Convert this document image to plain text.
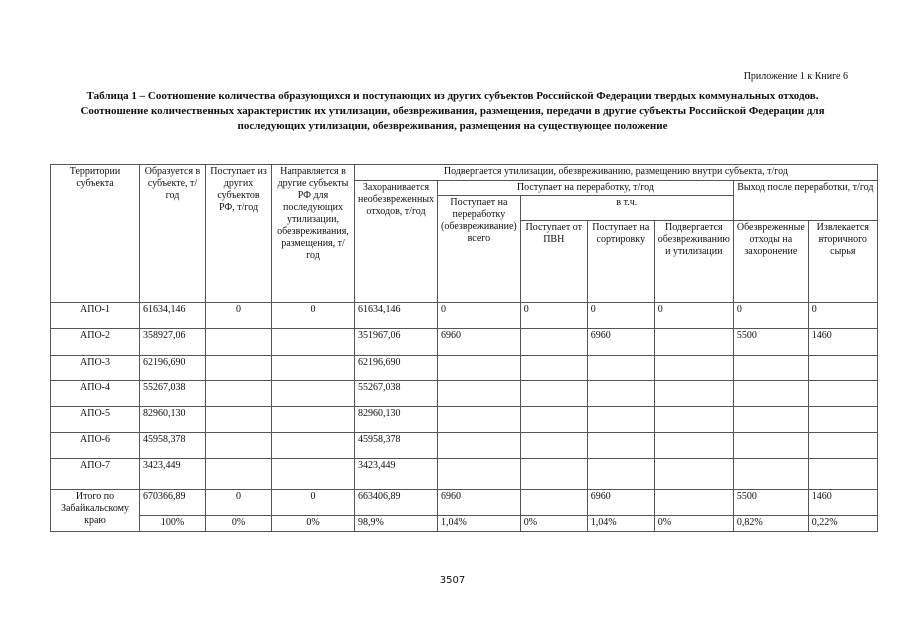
Приложение 1 к Книге 6
Таблица 1 – Соотношение количества образующихся и поступающих из других субъектов Российской Федерации твердых коммунальных отходов. Соотношение количественных характеристик их утилизации, обезвреживания, размещения, передачи в другие субъекты Российской Федерации для последующих утилизации, обезвреживания, размещения на существующее положение
Территории субъекта	Образуется в субъекте, т/год	Поступает из других субъектов РФ, т/год	Направляется в другие субъекты РФ для последующих утилизации, обезвреживания, размещения, т/год	Подвергается утилизации, обезвреживанию, размещению внутри субъекта, т/год						
				Захоранивается необезвреженных отходов, т/год	Поступает на переработку, т/год				Выход после переработки, т/год	
					Поступает на переработку (обезвреживание) всего	в т.ч.				
						Поступает от ПВН	Поступает на сортировку	Подвергается обезвреживанию и утилизации	Обезвреженные отходы на захоронение	Извлекается вторичного сырья
АПО-1	61634,146	0	0	61634,146	0	0	0	0	0	0
АПО-2	358927,06			351967,06	6960		6960		5500	1460
АПО-3	62196,690			62196,690						
АПО-4	55267,038			55267,038						
АПО-5	82960,130			82960,130						
АПО-6	45958,378			45958,378						
АПО-7	3423,449			3423,449						
Итого по Забайкальскому краю	670366,89	0	0	663406,89	6960		6960		5500	1460
	100%	0%	0%	98,9%	1,04%	0%	1,04%	0%	0,82%	0,22%
3507
